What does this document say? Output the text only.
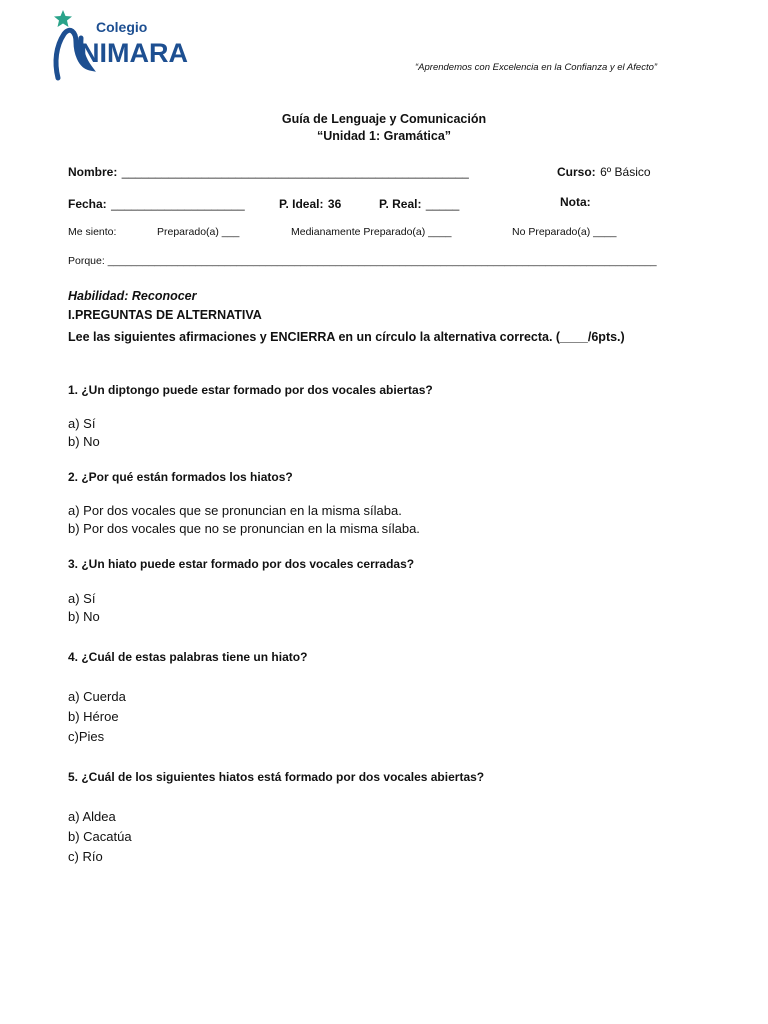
Colegio
NIMARA	“Aprendemos con Excelencia en la Confianza y el Afecto”
Guía de Lenguaje y Comunicación
“Unidad 1: Gramática”
Nombre: ____________________________________________________	Curso: 6º Básico
Fecha: ____________________	P. Ideal: 36	P. Real: _____	Nota:
Me siento:	Preparado(a) ___	Medianamente Preparado(a) ____	No Preparado(a) ____
Porque: ______________________________________________________________________________________________
Habilidad: Reconocer
I.PREGUNTAS DE ALTERNATIVA
Lee las siguientes afirmaciones y ENCIERRA en un círculo la alternativa correcta. (____/6pts.)
1. ¿Un diptongo puede estar formado por dos vocales abiertas?
a) Sí
b) No
2. ¿Por qué están formados los hiatos?
a) Por dos vocales que se pronuncian en la misma sílaba.
b) Por dos vocales que no se pronuncian en la misma sílaba.
3. ¿Un hiato puede estar formado por dos vocales cerradas?
a) Sí
b) No
4. ¿Cuál de estas palabras tiene un hiato?
a) Cuerda
b) Héroe
c)Pies
5. ¿Cuál de los siguientes hiatos está formado por dos vocales abiertas?
a) Aldea
b) Cacatúa
c) Río
